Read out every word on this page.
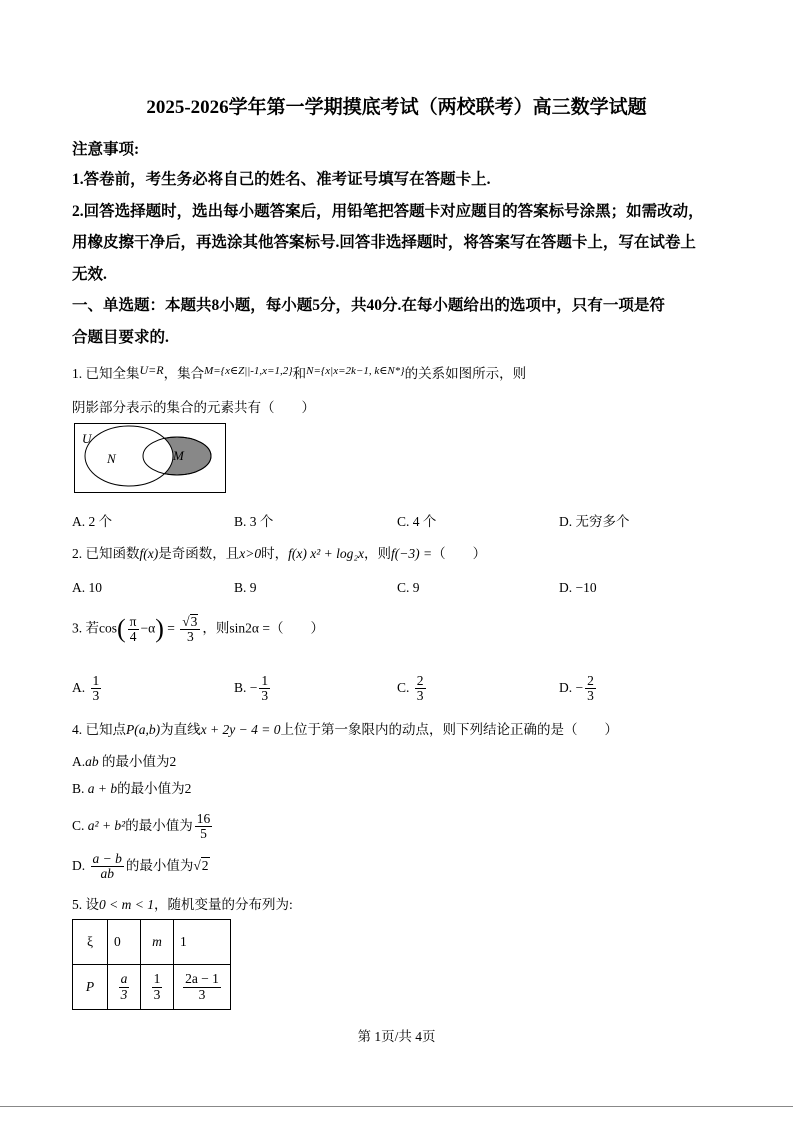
2025-2026学年第一学期摸底考试（两校联考）高三数学试题
注意事项:
1.答卷前，考生务必将自己的姓名、准考证号填写在答题卡上.
2.回答选择题时，选出每小题答案后，用铅笔把答题卡对应题目的答案标号涂黑；如需改动，
用橡皮擦干净后，再选涂其他答案标号.回答非选择题时，将答案写在答题卡上，写在试卷上
无效.
一、单选题：本题共8小题，每小题5分，共40分.在每小题给出的选项中，只有一项是符
合题目要求的.
1. 已知全集U=R，集合$^{M=\{x\in Z||-1,x=1,2\}}$和$^{N=\{x|x=2k-1, k\in N*\}}$的关系如图所示，则
阴影部分表示的集合的元素共有（　　）
U
N	M
A. 2 个	B. 3 个	C. 4 个	D. 无穷多个
2. 已知函数f(x)是奇函数，且x>0时，f(x) x² + log₂x，则f(−3) =（　　）
A. 10	B. 9	C. 9	D. −10
3. 若$\cos( \frac{\pi}{4} -\alpha) = \frac{√3}{3}$ ，则sin2α =（　　）
A. $\frac{1}{3}$	B. − $\frac{1}{3}$	C. $\frac{2}{3}$	D. − $\frac{2}{3}$
4. 已知点P(a,b)为直线x + 2y − 4 = 0上位于第一象限内的动点，则下列结论正确的是（　　）
A.ab 的最小值为2
B. a + b的最小值为2
C. a² + b²的最小值为 $\frac{16}{5}$
D. $\frac{a - b}{ab}$ 的最小值为√2
5. 设0 < m < 1，随机变量的分布列为:
ξ	0	m	1
P	$\frac{a}{3}$	$\frac{1}{3}$	$\frac{2a - 1}{3}$
第 1页/共 4页
